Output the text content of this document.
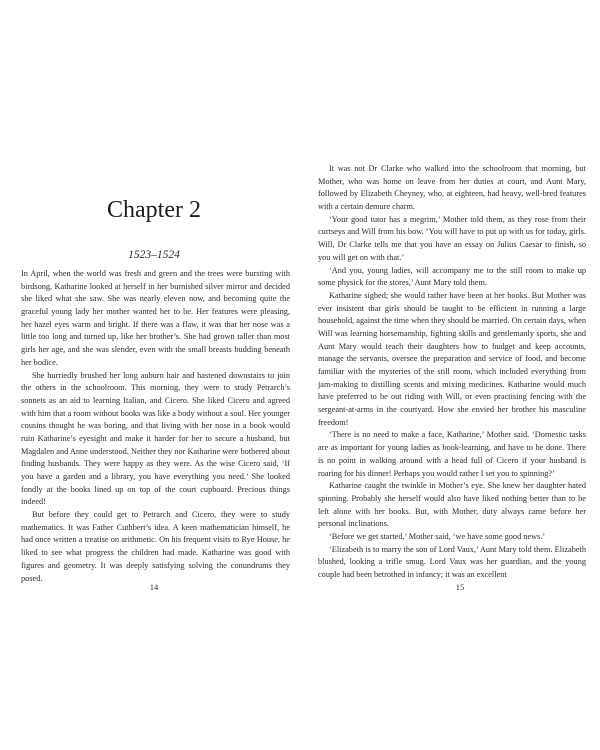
Chapter 2
1523–1524

In April, when the world was fresh and green and the trees were bursting with birdsong, Katharine looked at herself in her burnished silver mirror and decided she liked what she saw. She was nearly eleven now, and becoming quite the graceful young lady her mother wanted her to be. Her features were pleasing, her hazel eyes warm and bright. If there was a flaw, it was that her nose was a little too long and turned up, like her brother’s. She had grown taller than most girls her age, and she was slender, even with the small breasts budding beneath her bodice.

She hurriedly brushed her long auburn hair and hastened downstairs to join the others in the schoolroom. This morning, they were to study Petrarch’s sonnets as an aid to learning Italian, and Cicero. She liked Cicero and agreed with him that a room without books was like a body without a soul. Her younger cousins thought he was boring, and that living with her nose in a book would ruin Katharine’s eyesight and make it harder for her to secure a husband, but Magdalen and Anne understood. Neither they nor Katharine were bothered about finding husbands. They were happy as they were. As the wise Cicero said, ‘If you have a garden and a library, you have everything you need.’ She looked fondly at the books lined up on top of the court cupboard. Precious things indeed!

But before they could get to Petrarch and Cicero, they were to study mathematics. It was Father Cuthbert’s idea. A keen mathematician himself, he had once written a treatise on arithmetic. On his frequent visits to Rye House, he liked to see what progress the children had made. Katharine was good with figures and geometry. It was deeply satisfying solving the conundrums they posed.

14

It was not Dr Clarke who walked into the schoolroom that morning, but Mother, who was home on leave from her duties at court, and Aunt Mary, followed by Elizabeth Cheyney, who, at eighteen, had heavy, well-bred features with a certain demure charm.

‘Your good tutor has a megrim,’ Mother told them, as they rose from their curtseys and Will from his bow. ‘You will have to put up with us for today, girls. Will, Dr Clarke tells me that you have an essay on Julius Caesar to finish, so you will get on with that.’

‘And you, young ladies, will accompany me to the still room to make up some physick for the stores,’ Aunt Mary told them.

Katharine sighed; she would rather have been at her books. But Mother was ever insistent that girls should be taught to be efficient in running a large household, against the time when they should be married. On certain days, when Will was learning horsemanship, fighting skills and gentlemanly sports, she and Aunt Mary would teach their daughters how to budget and keep accounts, manage the servants, oversee the preparation and service of food, and become familiar with the mysteries of the still room, which included everything from jam-making to distilling scents and mixing medicines. Katharine would much have preferred to be out riding with Will, or even practising fencing with the sergeant-at-arms in the courtyard. How she envied her brother his masculine freedom!

‘There is no need to make a face, Katharine,’ Mother said. ‘Domestic tasks are as important for young ladies as book-learning, and have to be done. There is no point in walking around with a head full of Cicero if your husband is roaring for his dinner! Perhaps you would rather I set you to spinning?’

Katharine caught the twinkle in Mother’s eye. She knew her daughter hated spinning. Probably she herself would also have liked nothing better than to be left alone with her books. But, with Mother, duty always came before her personal inclinations.

‘Before we get started,’ Mother said, ‘we have some good news.’

‘Elizabeth is to marry the son of Lord Vaux,’ Aunt Mary told them. Elizabeth blushed, looking a trifle smug. Lord Vaux was her guardian, and the young couple had been betrothed in infancy; it was an excellent

15
